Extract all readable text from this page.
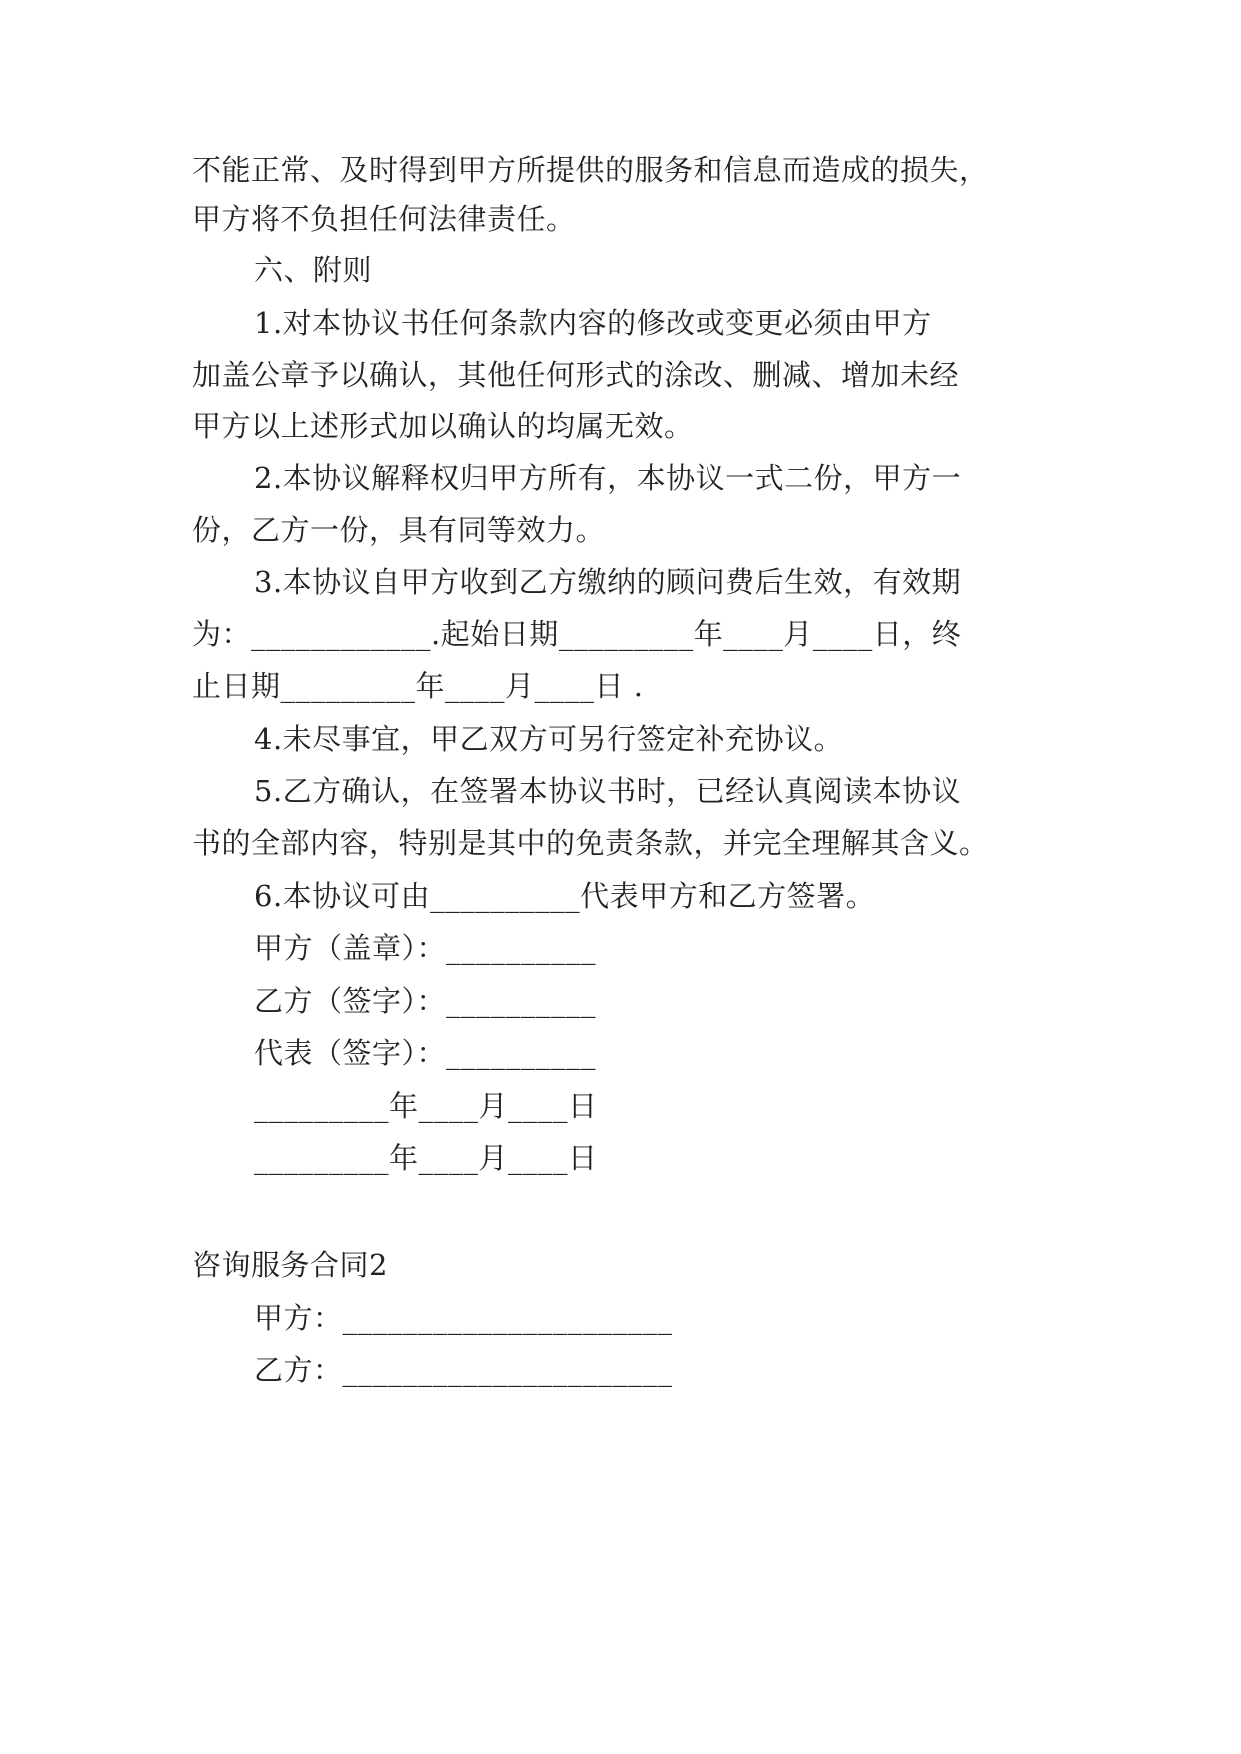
不能正常、及时得到甲方所提供的服务和信息而造成的损失，
甲方将不负担任何法律责任。
六、附则
1.对本协议书任何条款内容的修改或变更必须由甲方
加盖公章予以确认，其他任何形式的涂改、删减、增加未经
甲方以上述形式加以确认的均属无效。
2.本协议解释权归甲方所有，本协议一式二份，甲方一
份，乙方一份，具有同等效力。
3.本协议自甲方收到乙方缴纳的顾问费后生效，有效期
为：____________.起始日期_________年____月____日，终
止日期_________年____月____日 .
4.未尽事宜，甲乙双方可另行签定补充协议。
5.乙方确认，在签署本协议书时，已经认真阅读本协议
书的全部内容，特别是其中的免责条款，并完全理解其含义。
6.本协议可由__________代表甲方和乙方签署。
甲方（盖章）：__________
乙方（签字）：__________
代表（签字）：__________
_________年____月____日
_________年____月____日
咨询服务合同2
甲方：______________________
乙方：______________________
